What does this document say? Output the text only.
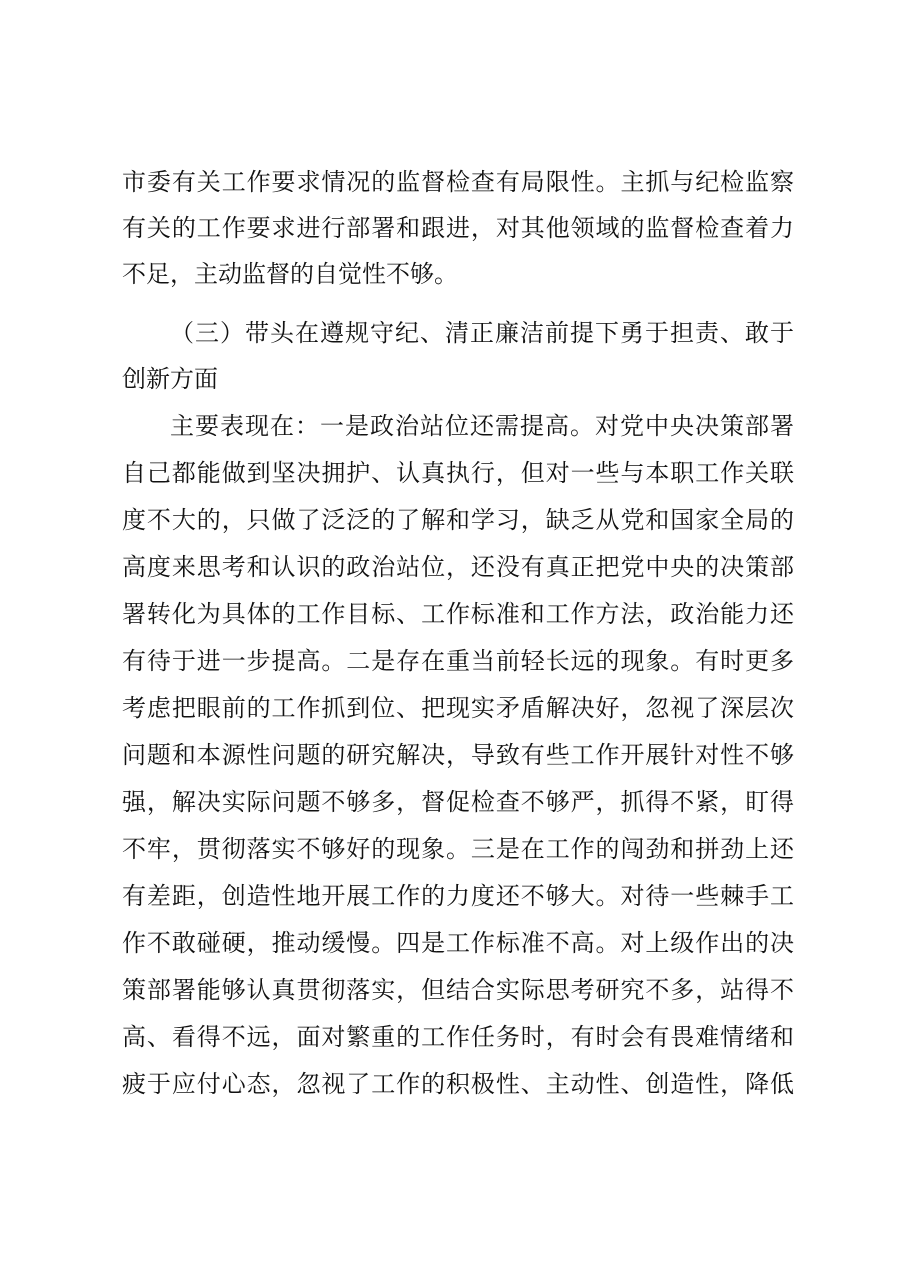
市委有关工作要求情况的监督检查有局限性。主抓与纪检监察
有关的工作要求进行部署和跟进，对其他领域的监督检查着力
不足，主动监督的自觉性不够。
（三）带头在遵规守纪、清正廉洁前提下勇于担责、敢于
创新方面
主要表现在：一是政治站位还需提高。对党中央决策部署
自己都能做到坚决拥护、认真执行，但对一些与本职工作关联
度不大的，只做了泛泛的了解和学习，缺乏从党和国家全局的
高度来思考和认识的政治站位，还没有真正把党中央的决策部
署转化为具体的工作目标、工作标准和工作方法，政治能力还
有待于进一步提高。二是存在重当前轻长远的现象。有时更多
考虑把眼前的工作抓到位、把现实矛盾解决好，忽视了深层次
问题和本源性问题的研究解决，导致有些工作开展针对性不够
强，解决实际问题不够多，督促检查不够严，抓得不紧，盯得
不牢，贯彻落实不够好的现象。三是在工作的闯劲和拼劲上还
有差距，创造性地开展工作的力度还不够大。对待一些棘手工
作不敢碰硬，推动缓慢。四是工作标准不高。对上级作出的决
策部署能够认真贯彻落实，但结合实际思考研究不多，站得不
高、看得不远，面对繁重的工作任务时，有时会有畏难情绪和
疲于应付心态，忽视了工作的积极性、主动性、创造性，降低
